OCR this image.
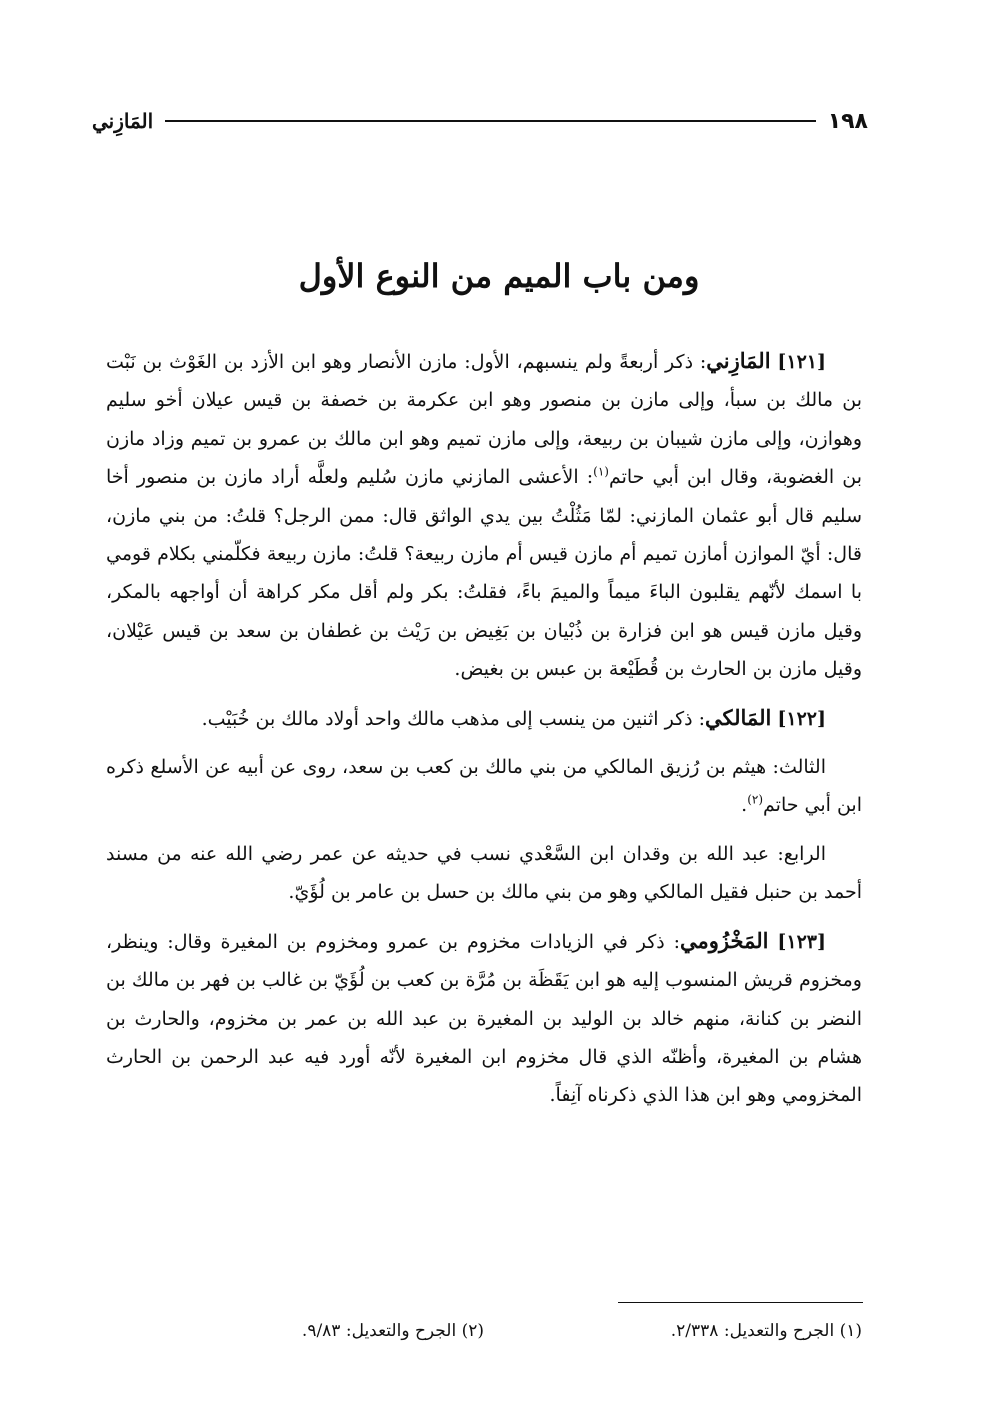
١٩٨
المَازِني
ومن باب الميم من النوع الأول

[١٢١] المَازِني: ذكر أربعةً ولم ينسبهم، الأول: مازن الأنصار وهو ابن الأزد بن الغَوْث بن نَبْت بن مالك بن سبأ، وإلى مازن بن منصور وهو ابن عكرمة بن خصفة بن قيس عيلان أخو سليم وهوازن، وإلى مازن شيبان بن ربيعة، وإلى مازن تميم وهو ابن مالك بن عمرو بن تميم وزاد مازن بن الغضوبة، وقال ابن أبي حاتم$^{(١)}$: الأعشى المازني مازن سُليم ولعلَّه أراد مازن بن منصور أخا سليم قال أبو عثمان المازني: لمّا مَثُلْتُ بين يدي الواثق قال: ممن الرجل؟ قلتُ: من بني مازن، قال: أيّ الموازن أمازن تميم أم مازن قيس أم مازن ربيعة؟ قلتُ: مازن ربيعة فكلّمني بكلام قومي با اسمك لأنّهم يقلبون الباءَ ميماً والميمَ باءً، فقلتُ: بكر ولم أقل مكر كراهة أن أواجهه بالمكر، وقيل مازن قيس هو ابن فزارة بن ذُبْيان بن بَغِيض بن رَيْث بن غطفان بن سعد بن قيس عَيْلان، وقيل مازن بن الحارث بن قُطَيْعة بن عبس بن بغيض.

[١٢٢] المَالكي: ذكر اثنين من ينسب إلى مذهب مالك واحد أولاد مالك بن خُبَيْب.

الثالث: هيثم بن رُزيق المالكي من بني مالك بن كعب بن سعد، روى عن أبيه عن الأسلع ذكره ابن أبي حاتم$^{(٢)}$.

الرابع: عبد الله بن وقدان ابن السَّعْدي نسب في حديثه عن عمر رضي الله عنه من مسند أحمد بن حنبل فقيل المالكي وهو من بني مالك بن حسل بن عامر بن لُؤَيّ.

[١٢٣] المَخْزُومي: ذكر في الزيادات مخزوم بن عمرو ومخزوم بن المغيرة وقال: وينظر، ومخزوم قريش المنسوب إليه هو ابن يَقَظَة بن مُرَّة بن كعب بن لُؤَيّ بن غالب بن فهر بن مالك بن النضر بن كنانة، منهم خالد بن الوليد بن المغيرة بن عبد الله بن عمر بن مخزوم، والحارث بن هشام بن المغيرة، وأظنّه الذي قال مخزوم ابن المغيرة لأنّه أورد فيه عبد الرحمن بن الحارث المخزومي وهو ابن هذا الذي ذكرناه آنِفاً.

(١) الجرح والتعديل: ٢/٣٣٨.
(٢) الجرح والتعديل: ٩/٨٣.
